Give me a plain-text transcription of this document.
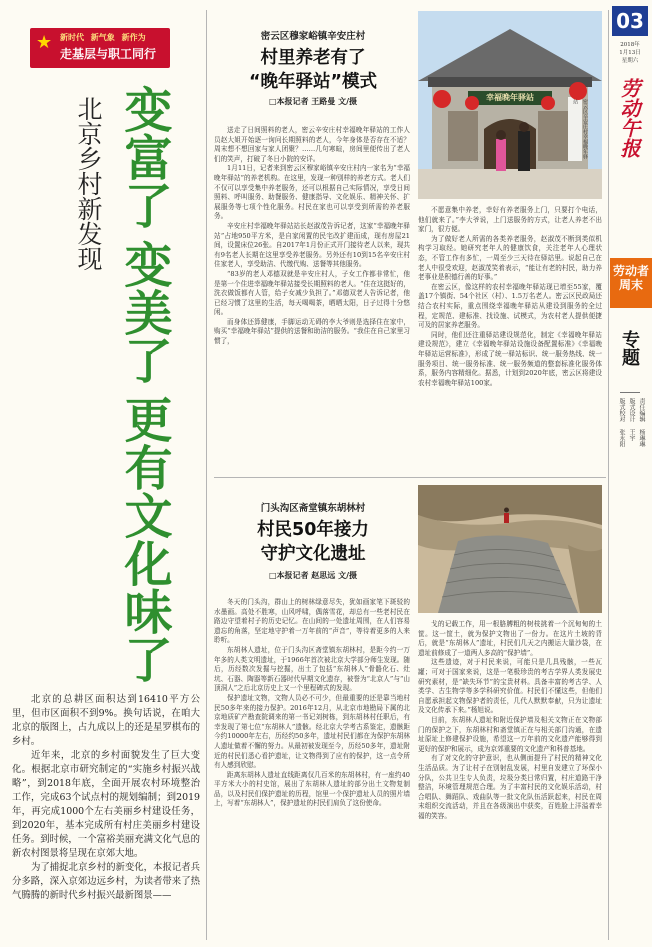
★ 新时代 新气象 新作为
走基层与职工同行
变富了
变美了
更有文化味了
北京乡村新发现

北京的总耕区面积达到16410平方公里，但市区面积不到9%。换句话说，在咱大北京的版图上，占九成以上的还是星罗棋布的乡村。

近年来，北京的乡村面貌发生了巨大变化。根据北京市研究制定的“实施乡村振兴战略”，到2018年底，全面开展农村环境整治工作，完成63个试点村的规划编制；到2019年，再完成1000个左右美丽乡村建设任务，到2020年，基本完成所有村庄美丽乡村建设任务。到时候，一个富裕美丽充满文化气息的新农村图景将呈现在京郊大地。

为了捕捉北京乡村的新变化，本报记者兵分多路，深入京郊边远乡村，为读者带来了热气腾腾的新时代乡村振兴最新图景——

密云区穆家峪镇辛安庄村
村里养老有了
“晚年驿站”模式
□本报记者 王路曼 文/摄

送走了日间照料的老人，密云辛安庄村幸福晚年驿站的工作人员赵大姐开始逐一询问长期照料的老人，今年身体是否存在不适？周末想不想回家与家人团聚？……几句寒暄，房间里便传出了老人们的笑声，打破了冬日小院的安详。

1月11日，记者来到密云区穆家峪镇辛安庄村内一家名为“幸福晚年驿站”的养老机构。在这里，发现一种别样的养老方式。老人们不仅可以享受集中养老服务，还可以根据自己实际情况，享受日间照料、呼叫服务、助餐服务、健康指导、文化娱乐、精神关怀、扩展服务等七项个性化服务。村民在家也可以享受到所需的养老服务。

辛安庄村幸福晚年驿站站长赵淑茂告诉记者，这家“幸福晚年驿站”占地950平方米，是自家闲置的民宅改扩建而成，现有房屋21间，设置床位26张。自2017年1月份正式开门接待老人以来，现共有9名老人长期在这里享受养老服务。另外还有10到15名辛安庄村住家老人，享受助洁、代缴代购、送餐等其他服务。

“83岁的老人邓德双就是辛安庄村人，子女工作都非常忙，他是第一个住进幸福晚年驿站接受长期照料的老人。“住在这挺好的，洗衣做饭都有人管，给子女减少负担了。”邓德双老人告诉记者，他已经习惯了这里的生活，每天喝喝茶，晒晒太阳，日子过得十分悠闲。

而身体还算健康，手脚运动无碍的李大爷则是选择住在家中，购买“幸福晚年驿站”提供的送餐和助洁的服务。“我住在自己家里习惯了，

幸福晚年驿站
密云区辛安庄村幸福晚年驿站

不愿意集中养老，幸好有养老服务上门，只要打个电话，他们就来了。”李大爷说，上门送服务的方式，让老人养老不出家门，很方便。

为了做好老人所需的各类养老服务，赵淑茂不断到类似机构学习取经。她研究老年人的健康饮食，关注老年人心理状态，不管工作有多忙，一周至少三天待在驿站里。说起自己在老人中很受欢迎，赵淑茂笑着表示，“能让有老的村民，助力养老事业是积德行善的好事。”

在密云区，像这样的农村幸福晚年驿站现已增至55家，覆盖17个镇街、54个社区（村）、1.5万名老人。密云区民政局还结合农村实际，重点围绕幸福晚年驿站从建设到服务的全过程，定规范、建标准、找设施、试模式，为农村老人提供便捷可及的居家养老服务。

同时，他们还注重驿站建设规范化，制定《幸福晚年驿站建设规范》，建立《幸福晚年驿站设施设备配置标准》《幸福晚年驿站运营标准》，形成了统一驿站标识、统一服务热线、统一服务项目、统一服务标准、统一服务频道的整套标准化服务体系，服务内容精细化。据悉，计划到2020年底，密云区将建设农村幸福晚年驿站100家。

门头沟区斋堂镇东胡林村
村民50年接力
守护文化遗址
□本报记者 赵思远 文/摄

冬天的门头沟，群山上的树林绿意尽失，犹如画家笔下斑驳的水墨画。高处不胜寒，山风呼啸，偶落雪花，却总有一些老村民在路边守望着村子的历史记忆。在山间的一处遗址周围，在人们容易遗忘的角落，坚定地守护着一万年前的“声音”，等待着更多的人来聆听。

东胡林人遗址，位于门头沟区斋堂镇东胡林村，是距今约一万年多的人类文明遗址，于1966年首次被北京大学部分师生发现。随后，历经数次发掘与挖掘，出土了包括“东胡林人”骨骼化石、灶坑、石器、陶器等新石器时代早期文化遗存，被誉为“北京人”与“山顶洞人”之后北京历史上又一个里程碑式的发现。

保护遗址文物，文物人员必不可少，但最重要的还是靠当地村民50多年来的接力保护。2016年12月，从北京市地勘局下属的北京地质矿产勘查院调来的第一书记刘树栋，到东胡林村任职后，有幸发现了第七位“东胡林人”遗骸。经北京大学考古系鉴定，遗骸距今约10000年左右，历经约50多年，遗址村民们都在为保护东胡林人遗址做着不懈的努力。从最初被发现至今，历经50多年，遗址附近的村民们悉心看护遗址，让文物得到了应有的保护，这一点令所有人感到欣慰。

距离东胡林人遗址直线距离仅几百米的东胡林村，有一座约40平方米大小的村史馆，展出了东胡林人遗址的部分出土文物复制品，以及村民们保护遗址的历程，馆里一个保护遗址人员的照片墙上，写着“东胡林人”，保护遗址的村民们肩负了这份使命。

戈的记载工作，用一根胳膊粗的树枝挑着一个沉甸甸的土筐。这一筐土，就为保护文物出了一份力。在这片土坡的背后，就是“东胡林人”遗址，村民们几天之内搬运大量沙袋，在遗址前修成了一道两人多高的“保护墙”。

这些遗迹，对于村民来说，可能只是几具残骸，一些瓦罐；可对于国家来说，这是一笔极珍贵的考古学界人类发展史研究素材，是“缺失环节”的宝贵材料。具备丰富的考古学、人类学、古生物学等多学科研究价值。村民们不懂这些，但他们自愿承担起文物保护者的责任，几代人默默奉献，只为让遗址及文化传承下来。”杨旭说。

目前，东胡林人遗址和附近保护墙及相关文物正在文物部门的保护之下，东胡林村和斋堂镇正在与相关部门沟通，在遗址原址上修建保护设施，希望这一万年前的文化遗产能够得到更好的保护和展示，成为京郊重要的文化遗产和科普基地。

有了对文化的守护意识，也从侧面提升了村民的精神文化生活品质。为了让村子在别射乱发展，村里自发建立了环保小分队，公共卫生专人负责，垃圾分类日常归置，村庄道路干净整洁，环境管理规范合理。为了丰富村民的文化娱乐活动，村合唱队、舞蹈队、戏曲队等一批文化队伍活跃起来，村民在周末组织交流活动，并且在各级演出中获奖，百姓脸上洋溢着幸福的笑容。

03
2018年
1月13日
星期六
劳动午报
劳动者周末
专题
责任编辑 杨琳琳
版式设计 王宇
版式校对 张永阳
